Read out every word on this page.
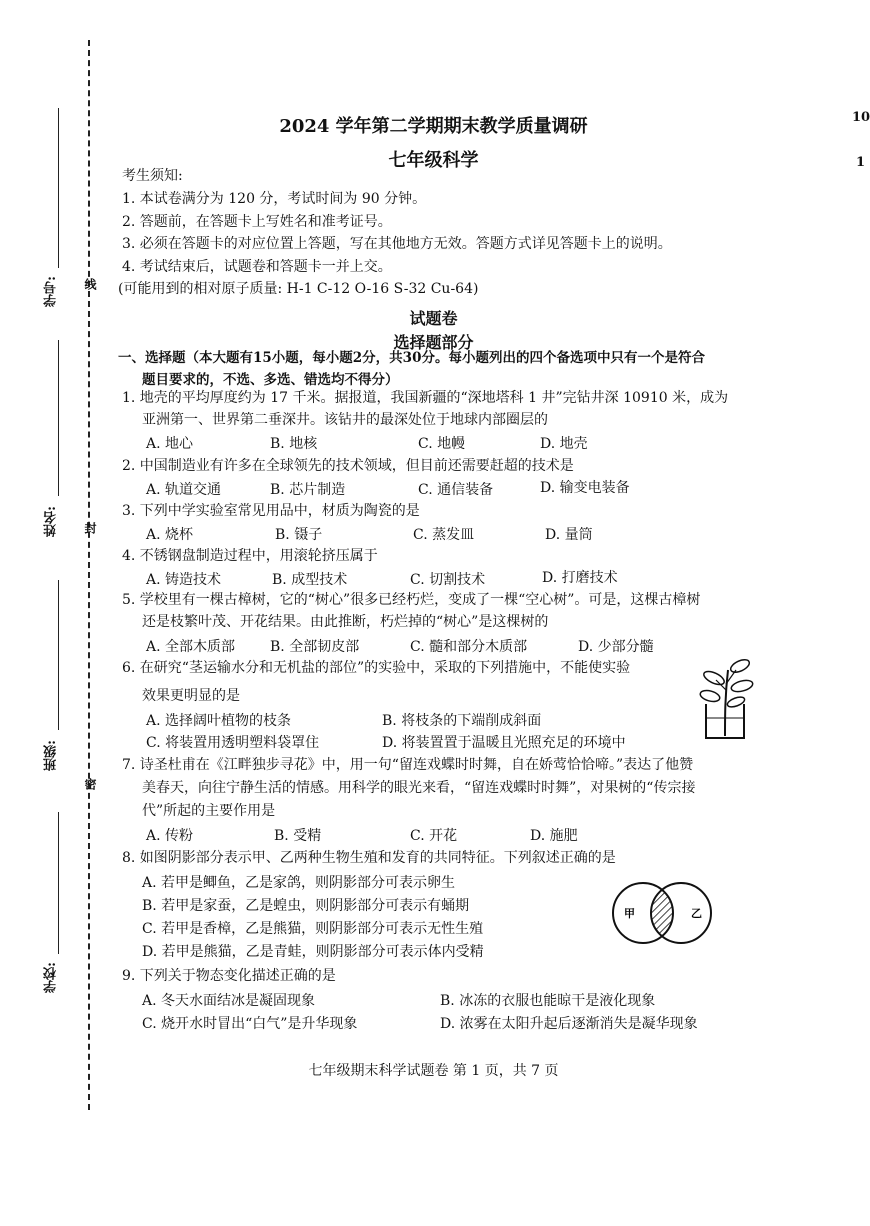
线
封
密
学号:
姓名:
班级:
学校:
2024 学年第二学期期末教学质量调研
七年级科学
10
1
考生须知:
1. 本试卷满分为 120 分，考试时间为 90 分钟。
2. 答题前，在答题卡上写姓名和准考证号。
3. 必须在答题卡的对应位置上答题，写在其他地方无效。答题方式详见答题卡上的说明。
4. 考试结束后，试题卷和答题卡一并上交。
(可能用到的相对原子质量: H-1 C-12 O-16 S-32 Cu-64)
试题卷
选择题部分
一、选择题（本大题有15小题，每小题2分，共30分。每小题列出的四个备选项中只有一个是符合
题目要求的，不选、多选、错选均不得分）
1. 地壳的平均厚度约为 17 千米。据报道，我国新疆的“深地塔科 1 井”完钻井深 10910 米，成为
亚洲第一、世界第二垂深井。该钻井的最深处位于地球内部圈层的
A. 地心	B. 地核	C. 地幔	D. 地壳
2. 中国制造业有许多在全球领先的技术领域，但目前还需要赶超的技术是
A. 轨道交通	B. 芯片制造	C. 通信装备	D. 输变电装备
3. 下列中学实验室常见用品中，材质为陶瓷的是
A. 烧杯	B. 镊子	C. 蒸发皿	D. 量筒
4. 不锈钢盘制造过程中，用滚轮挤压属于
A. 铸造技术	B. 成型技术	C. 切割技术	D. 打磨技术
5. 学校里有一棵古樟树，它的“树心”很多已经朽烂，变成了一棵“空心树”。可是，这棵古樟树
还是枝繁叶茂、开花结果。由此推断，朽烂掉的“树心”是这棵树的
A. 全部木质部 B. 全部韧皮部	C. 髓和部分木质部	D. 少部分髓
6. 在研究“茎运输水分和无机盐的部位”的实验中，采取的下列措施中，不能使实验
效果更明显的是
A. 选择阔叶植物的枝条	B. 将枝条的下端削成斜面
C. 将装置用透明塑料袋罩住	D. 将装置置于温暖且光照充足的环境中
7. 诗圣杜甫在《江畔独步寻花》中，用一句“留连戏蝶时时舞，自在娇莺恰恰啼。”表达了他赞
美春天，向往宁静生活的情感。用科学的眼光来看，“留连戏蝶时时舞”，对果树的“传宗接
代”所起的主要作用是
A. 传粉	B. 受精	C. 开花	D. 施肥
8. 如图阴影部分表示甲、乙两种生物生殖和发育的共同特征。下列叙述正确的是
A. 若甲是鲫鱼，乙是家鸽，则阴影部分可表示卵生
B. 若甲是家蚕，乙是蝗虫，则阴影部分可表示有蛹期
C. 若甲是香樟，乙是熊猫，则阴影部分可表示无性生殖
D. 若甲是熊猫，乙是青蛙，则阴影部分可表示体内受精
甲	乙
9. 下列关于物态变化描述正确的是
A. 冬天水面结冰是凝固现象	B. 冰冻的衣服也能晾干是液化现象
C. 烧开水时冒出“白气”是升华现象	D. 浓雾在太阳升起后逐渐消失是凝华现象
七年级期末科学试题卷 第 1 页，共 7 页
